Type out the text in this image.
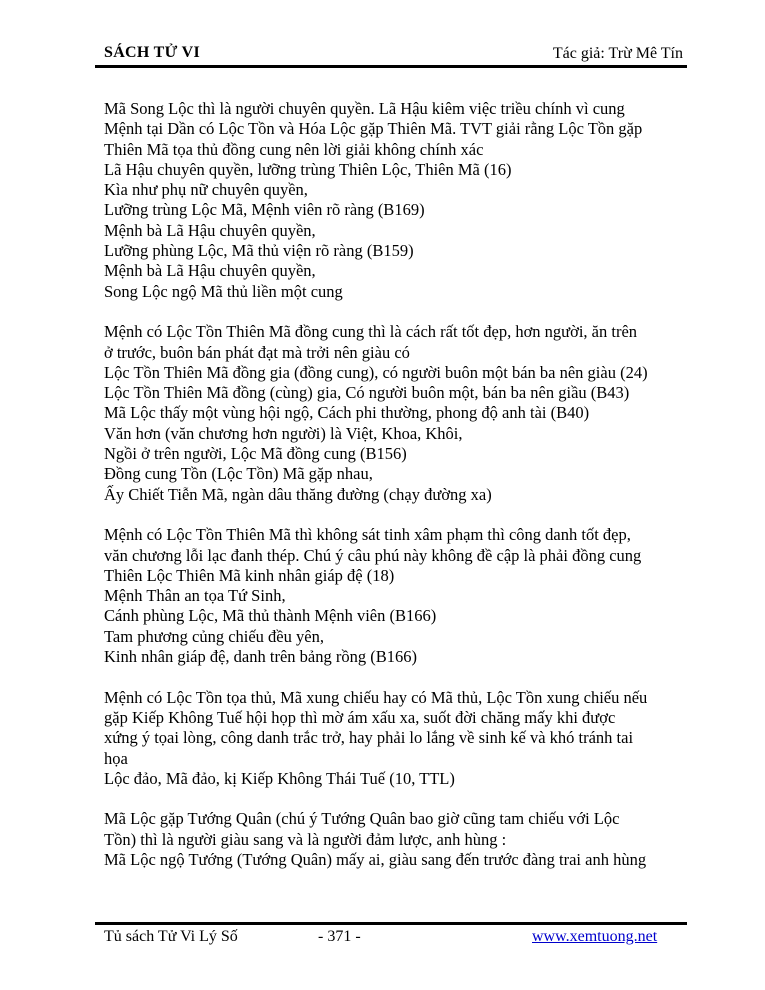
SÁCH TỬ VI	Tác giả: Trừ Mê Tín
Mã Song Lộc thì là người chuyên quyền. Lã Hậu kiêm việc triều chính vì cung
Mệnh tại Dần có Lộc Tồn và Hóa Lộc gặp Thiên Mã. TVT giải rằng Lộc Tồn gặp
Thiên Mã tọa thủ đồng cung nên lời giải không chính xác
Lã Hậu chuyên quyền, lưỡng trùng Thiên Lộc, Thiên Mã (16)
Kìa như phụ nữ chuyên quyền,
Lưỡng trùng Lộc Mã, Mệnh viên rõ ràng (B169)
Mệnh bà Lã Hậu chuyên quyền,
Lưỡng phùng Lộc, Mã thủ viện rõ ràng (B159)
Mệnh bà Lã Hậu chuyên quyền,
Song Lộc ngộ Mã thủ liền một cung
Mệnh có Lộc Tồn Thiên Mã đồng cung thì là cách rất tốt đẹp, hơn người, ăn trên
ở trước, buôn bán phát đạt mà trởi nên giàu có
Lộc Tồn Thiên Mã đồng gia (đồng cung), có người buôn một bán ba nên giàu (24)
Lộc Tồn Thiên Mã đồng (cùng) gia, Có người buôn một, bán ba nên giầu (B43)
Mã Lộc thấy một vùng hội ngộ, Cách phi thường, phong độ anh tài (B40)
Văn hơn (văn chương hơn người) là Việt, Khoa, Khôi,
Ngồi ở trên người, Lộc Mã đồng cung (B156)
Đồng cung Tồn (Lộc Tồn) Mã gặp nhau,
Ấy Chiết Tiễn Mã, ngàn dâu thăng đường (chạy đường xa)
Mệnh có Lộc Tồn Thiên Mã thì không sát tinh xâm phạm thì công danh tốt đẹp,
văn chương lỗi lạc đanh thép. Chú ý câu phú này không đề cập là phải đồng cung
Thiên Lộc Thiên Mã kinh nhân giáp đệ (18)
Mệnh Thân an tọa Tứ Sinh,
Cánh phùng Lộc, Mã thủ thành Mệnh viên (B166)
Tam phương củng chiếu đều yên,
Kinh nhân giáp đệ, danh trên bảng rồng (B166)
Mệnh có Lộc Tồn tọa thủ, Mã xung chiếu hay có Mã thủ, Lộc Tồn xung chiếu nếu
gặp Kiếp Không Tuế hội họp thì mờ ám xấu xa, suốt đời chăng mấy khi được
xứng ý tọai lòng, công danh trắc trở, hay phải lo lắng về sinh kế và khó tránh tai
họa
Lộc đảo, Mã đảo, kị Kiếp Không Thái Tuế (10, TTL)
Mã Lộc gặp Tướng Quân (chú ý Tướng Quân bao giờ cũng tam chiếu với Lộc
Tồn) thì là người giàu sang và là người đảm lược, anh hùng :
Mã Lộc ngộ Tướng (Tướng Quân) mấy ai, giàu sang đến trước đàng trai anh hùng
Tủ sách Tử Vi Lý Số	- 371 -	www.xemtuong.net
